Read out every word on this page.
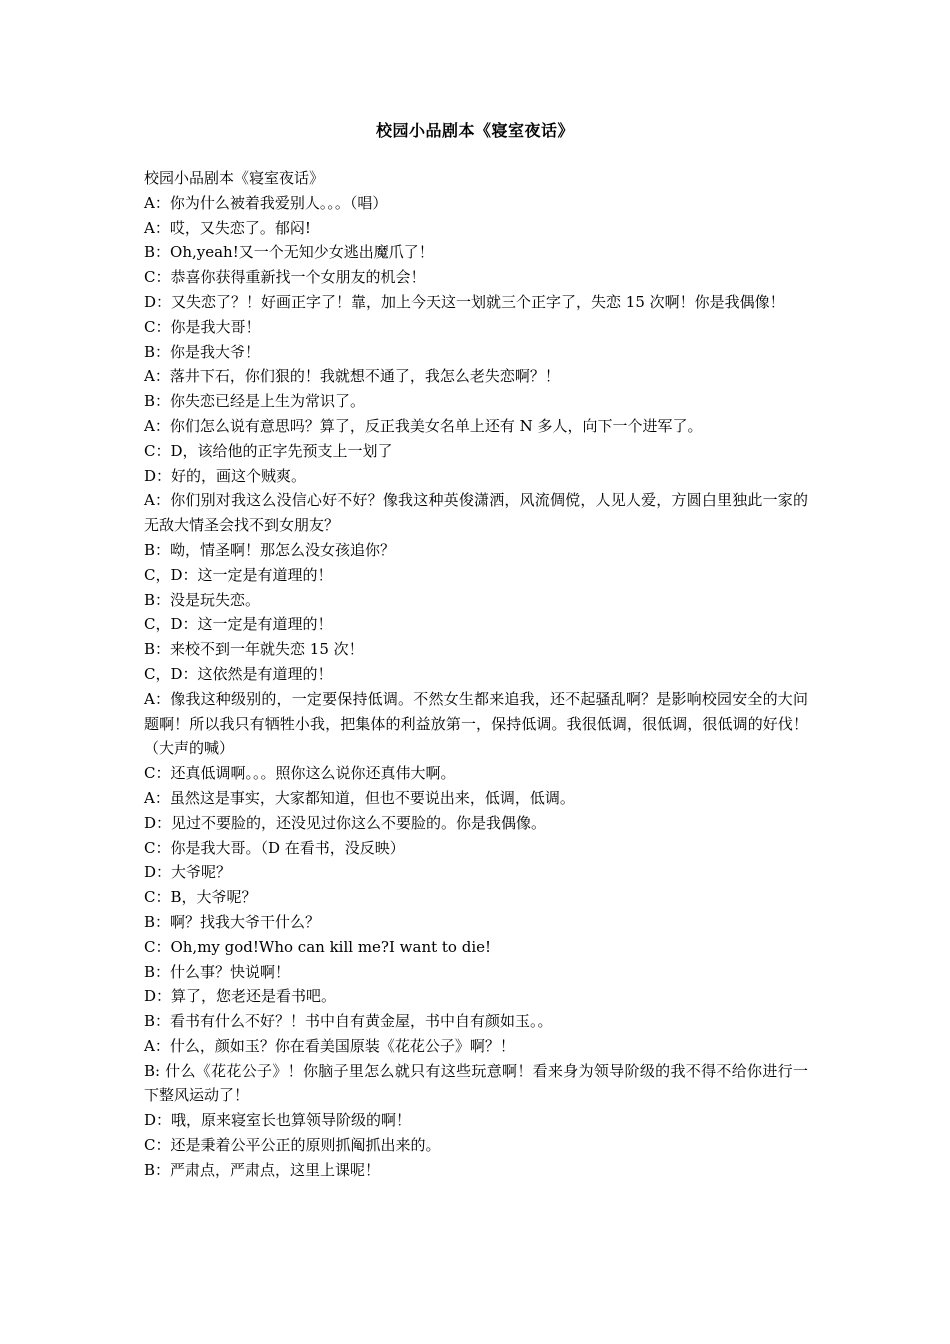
校园小品剧本《寝室夜话》

校园小品剧本《寝室夜话》

A：你为什么被着我爱别人。。。（唱）

A：哎，又失恋了。郁闷!

B：Oh,yeah!又一个无知少女逃出魔爪了！

C：恭喜你获得重新找一个女朋友的机会！

D：又失恋了？！好画正字了！靠，加上今天这一划就三个正字了，失恋 15 次啊！你是我偶像！

C：你是我大哥！

B：你是我大爷！

A：落井下石，你们狠的！我就想不通了，我怎么老失恋啊？！

B：你失恋已经是上生为常识了。

A：你们怎么说有意思吗？算了，反正我美女名单上还有 N 多人，向下一个进军了。

C：D，该给他的正字先预支上一划了

D：好的，画这个贼爽。

A：你们别对我这么没信心好不好？像我这种英俊潇洒，风流倜傥，人见人爱，方圆白里独此一家的无敌大情圣会找不到女朋友？

B：呦，情圣啊！那怎么没女孩追你？

C，D：这一定是有道理的！

B：没是玩失恋。

C，D：这一定是有道理的！

B：来校不到一年就失恋 15 次！

C，D：这依然是有道理的！

A：像我这种级别的，一定要保持低调。不然女生都来追我，还不起骚乱啊？是影响校园安全的大问题啊！所以我只有牺牲小我，把集体的利益放第一，保持低调。我很低调，很低调，很低调的好伐！（大声的喊）

C：还真低调啊。。。照你这么说你还真伟大啊。

A：虽然这是事实，大家都知道，但也不要说出来，低调，低调。

D：见过不要脸的，还没见过你这么不要脸的。你是我偶像。

C：你是我大哥。（D 在看书，没反映）

D：大爷呢？

C：B，大爷呢？

B：啊？找我大爷干什么？

C：Oh,my god!Who can kill me?I want to die!

B：什么事？快说啊！

D：算了，您老还是看书吧。

B：看书有什么不好？！书中自有黄金屋，书中自有颜如玉。。

A：什么，颜如玉？你在看美国原装《花花公子》啊？！

B: 什么《花花公子》！你脑子里怎么就只有这些玩意啊！看来身为领导阶级的我不得不给你进行一下整风运动了！

D：哦，原来寝室长也算领导阶级的啊！

C：还是秉着公平公正的原则抓阄抓出来的。

B：严肃点，严肃点，这里上课呢！
